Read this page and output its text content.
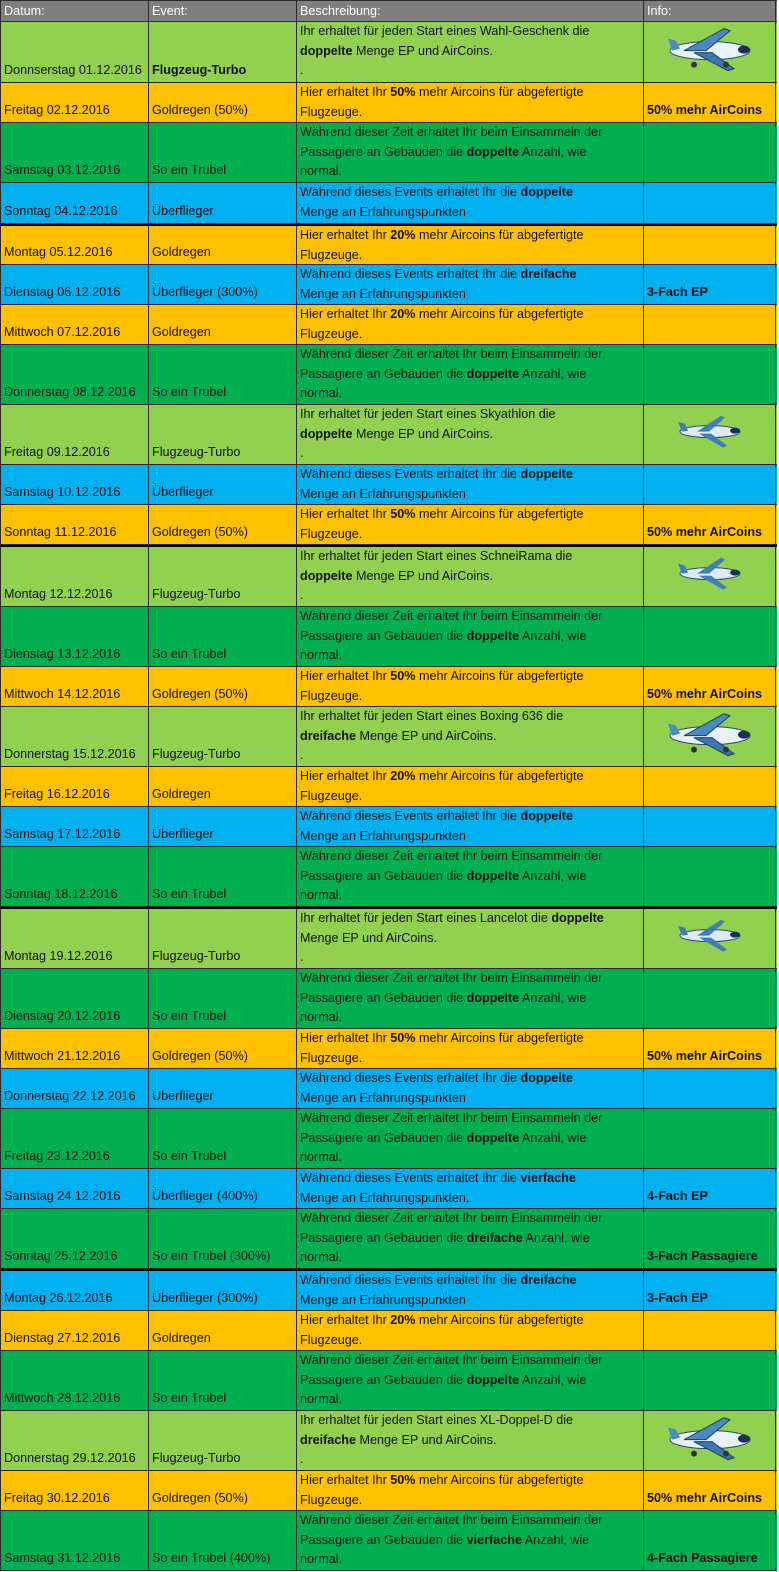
Datum:	Event:	Beschreibung:	Info:
Donnserstag 01.12.2016 Flugzeug-Turbo
Ihr erhaltet für jeden Start eines Wahl-Geschenk die
doppelte Menge EP und AirCoins.
.
Freitag 02.12.2016	Goldregen (50%)
Hier erhaltet Ihr 50% mehr Aircoins für abgefertigte
Flugzeuge.	50% mehr AirCoins
Samstag 03.12.2016	So ein Trubel
Während dieser Zeit erhaltet Ihr beim Einsammeln der
Passagiere an Gebäuden die doppelte Anzahl, wie
normal.
Sonntag 04.12.2016	Überflieger
Während dieses Events erhaltet Ihr die doppelte
Menge an Erfahrungspunkten
Montag 05.12.2016	Goldregen
Hier erhaltet Ihr 20% mehr Aircoins für abgefertigte
Flugzeuge.
Dienstag 06.12.2016	Überflieger (300%)
Während dieses Events erhaltet Ihr die dreifache
Menge an Erfahrungspunkten	3-Fach EP
Mittwoch 07.12.2016	Goldregen
Hier erhaltet Ihr 20% mehr Aircoins für abgefertigte
Flugzeuge.
Donnerstag 08.12.2016	So ein Trubel
Während dieser Zeit erhaltet Ihr beim Einsammeln der
Passagiere an Gebäuden die doppelte Anzahl, wie
normal.
Freitag 09.12.2016	Flugzeug-Turbo
Ihr erhaltet für jeden Start eines Skyathlon die
doppelte Menge EP und AirCoins.
.
Samstag 10.12.2016	Überflieger
Während dieses Events erhaltet Ihr die doppelte
Menge an Erfahrungspunkten
Sonntag 11.12.2016	Goldregen (50%)
Hier erhaltet Ihr 50% mehr Aircoins für abgefertigte
Flugzeuge.	50% mehr AirCoins
Montag 12.12.2016	Flugzeug-Turbo
Ihr erhaltet für jeden Start eines SchneiRama die
doppelte Menge EP und AirCoins.
.
Dienstag 13.12.2016	So ein Trubel
Während dieser Zeit erhaltet Ihr beim Einsammeln der
Passagiere an Gebäuden die doppelte Anzahl, wie
normal.
Mittwoch 14.12.2016	Goldregen (50%)
Hier erhaltet Ihr 50% mehr Aircoins für abgefertigte
Flugzeuge.	50% mehr AirCoins
Donnerstag 15.12.2016	Flugzeug-Turbo
Ihr erhaltet für jeden Start eines Boxing 636 die
dreifache Menge EP und AirCoins.
.
Freitag 16.12.2016	Goldregen
Hier erhaltet Ihr 20% mehr Aircoins für abgefertigte
Flugzeuge.
Samstag 17.12.2016	Überflieger
Während dieses Events erhaltet Ihr die doppelte
Menge an Erfahrungspunkten
Sonntag 18.12.2016	So ein Trubel
Während dieser Zeit erhaltet Ihr beim Einsammeln der
Passagiere an Gebäuden die doppelte Anzahl, wie
normal.
Montag 19.12.2016	Flugzeug-Turbo
Ihr erhaltet für jeden Start eines Lancelot die doppelte
Menge EP und AirCoins.
.
Dienstag 20.12.2016	So ein Trubel
Während dieser Zeit erhaltet Ihr beim Einsammeln der
Passagiere an Gebäuden die doppelte Anzahl, wie
normal.
Mittwoch 21.12.2016	Goldregen (50%)
Hier erhaltet Ihr 50% mehr Aircoins für abgefertigte
Flugzeuge.	50% mehr AirCoins
Donnerstag 22.12.2016	Überflieger
Während dieses Events erhaltet Ihr die doppelte
Menge an Erfahrungspunkten
Freitag 23.12.2016	So ein Trubel
Während dieser Zeit erhaltet Ihr beim Einsammeln der
Passagiere an Gebäuden die doppelte Anzahl, wie
normal.
Samstag 24.12.2016	Überflieger (400%)
Während dieses Events erhaltet Ihr die vierfache
Menge an Erfahrungspunkten.	4-Fach EP
Sonntag 25.12.2016	So ein Trubel (300%)
Während dieser Zeit erhaltet Ihr beim Einsammeln der
Passagiere an Gebäuden die dreifache Anzahl, wie
normal.	3-Fach Passagiere
Montag 26.12.2016	Überflieger (300%)
Während dieses Events erhaltet Ihr die dreifache
Menge an Erfahrungspunkten	3-Fach EP
Dienstag 27.12.2016	Goldregen
Hier erhaltet Ihr 20% mehr Aircoins für abgefertigte
Flugzeuge.
Mittwoch 28.12.2016	So ein Trubel
Während dieser Zeit erhaltet Ihr beim Einsammeln der
Passagiere an Gebäuden die doppelte Anzahl, wie
normal.
Donnerstag 29.12.2016	Flugzeug-Turbo
Ihr erhaltet für jeden Start eines XL-Doppel-D die
dreifache Menge EP und AirCoins.
.
Freitag 30.12.2016	Goldregen (50%)
Hier erhaltet Ihr 50% mehr Aircoins für abgefertigte
Flugzeuge.	50% mehr AirCoins
Samstag 31.12.2016	So ein Trubel (400%)
Während dieser Zeit erhaltet Ihr beim Einsammeln der
Passagiere an Gebäuden die vierfache Anzahl, wie
normal.	4-Fach Passagiere
